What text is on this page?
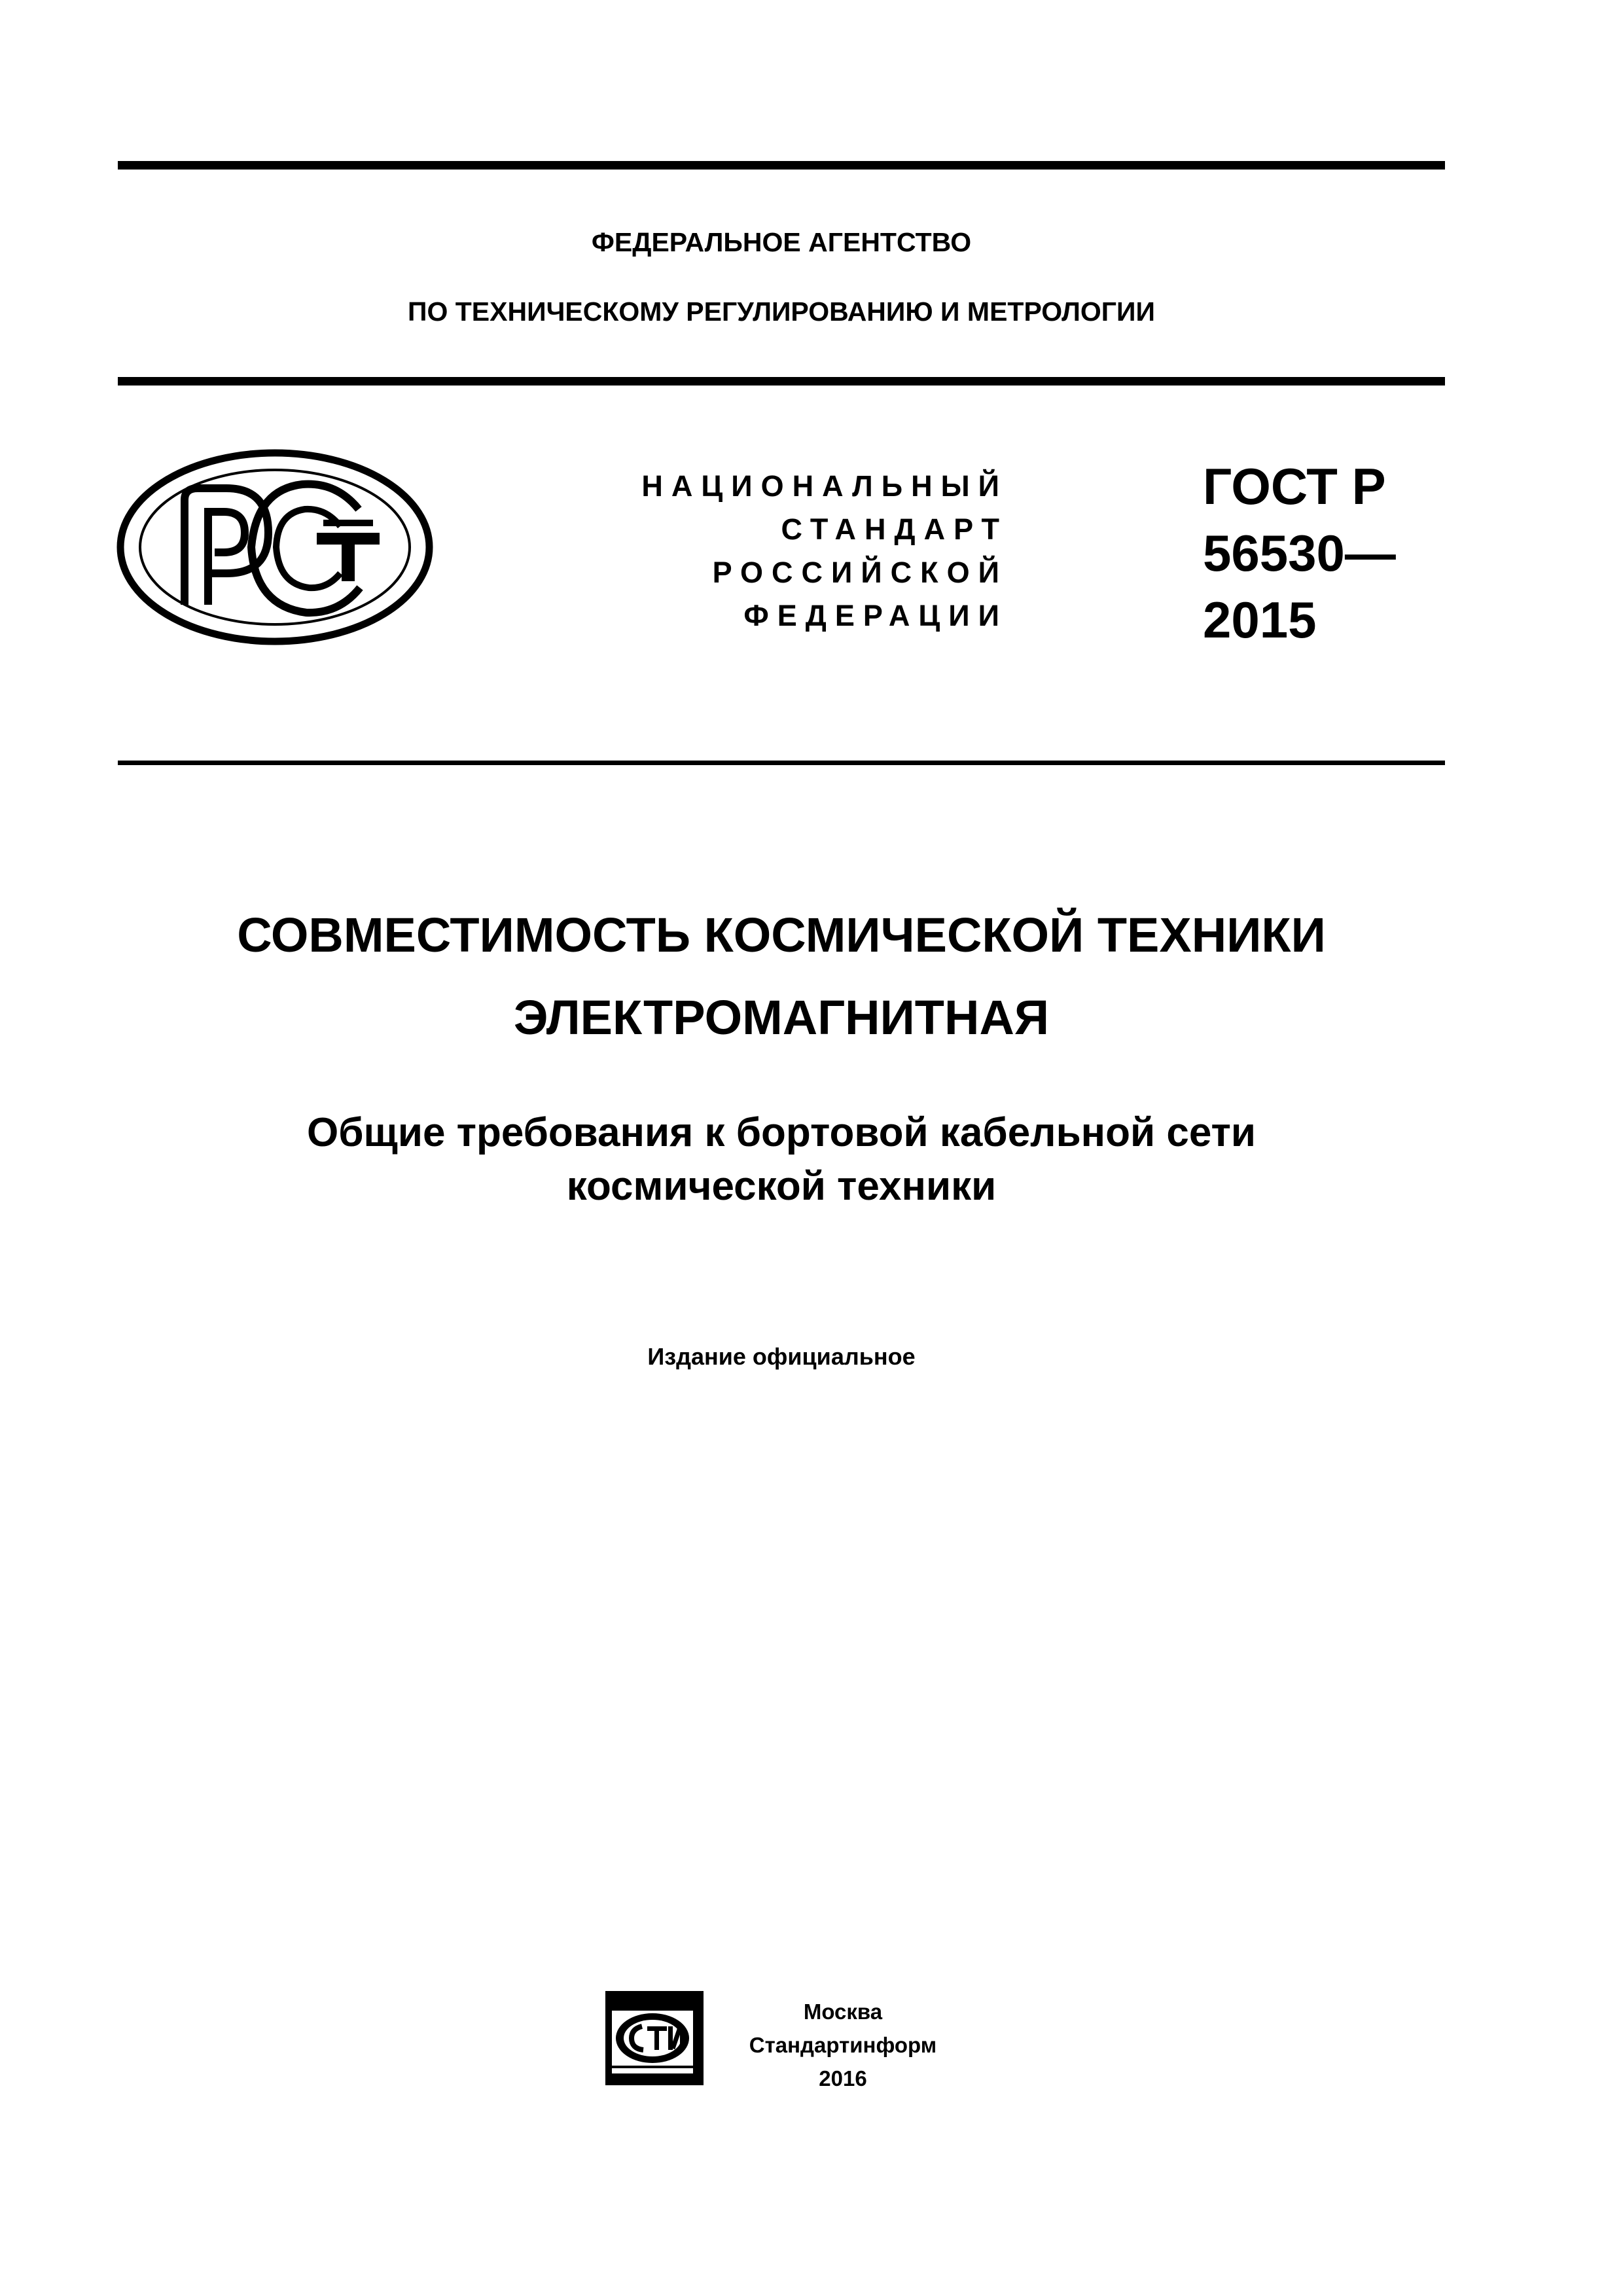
ФЕДЕРАЛЬНОЕ АГЕНТСТВО
ПО ТЕХНИЧЕСКОМУ РЕГУЛИРОВАНИЮ И МЕТРОЛОГИИ
НАЦИОНАЛЬНЫЙ
СТАНДАРТ
РОССИЙСКОЙ
ФЕДЕРАЦИИ
ГОСТ Р
56530—
2015
СОВМЕСТИМОСТЬ КОСМИЧЕСКОЙ ТЕХНИКИ
ЭЛЕКТРОМАГНИТНАЯ
Общие требования к бортовой кабельной сети
космической техники
Издание официальное
Москва
Стандартинформ
2016
